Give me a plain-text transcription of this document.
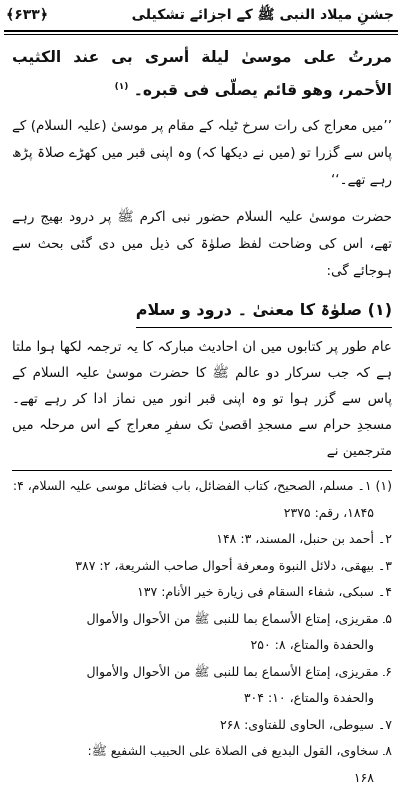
جشنِ میلاد النبی ﷺ کے اجزائے تشکیلی
﴿۶۳۳﴾

مررتُ على موسىٰ ليلة أسرى بى عند الكثيب الأحمر، وهو قائم يصلّى فى قبره۔ $^{(۱)}$

’’میں معراج کی رات سرخ ٹیلہ کے مقام پر موسیٰ (علیہ السلام) کے پاس سے گزرا تو (میں نے دیکھا کہ) وہ اپنی قبر میں کھڑے صلاۃ پڑھ رہے تھے۔‘‘

حضرت موسیٰ علیہ السلام حضور نبی اکرم ﷺ پر درود بھیج رہے تھے، اس کی وضاحت لفظ صلوٰۃ کی ذیل میں دی گئی بحث سے ہوجائے گی:

(۱) صلوٰۃ کا معنیٰ ۔ درود و سلام

عام طور پر کتابوں میں ان احادیث مبارکہ کا یہ ترجمہ لکھا ہوا ملتا ہے کہ جب سرکار دو عالم ﷺ کا حضرت موسیٰ علیہ السلام کے پاس سے گزر ہوا تو وہ اپنی قبر انور میں نماز ادا کر رہے تھے۔ مسجدِ حرام سے مسجدِ اقصیٰ تک سفرِ معراج کے اس مرحلہ میں مترجمین نے

(۱) ۱۔ مسلم، الصحیح، کتاب الفضائل، باب فضائل موسى علیہ السلام، ۴:
۱۸۴۵، رقم: ۲۳۷۵
۲۔ أحمد بن حنبل، المسند، ۳: ۱۴۸
۳۔ بیهقی، دلائل النبوة ومعرفة أحوال صاحب الشریعة، ۲: ۳۸۷
۴۔ سبکی، شفاء السقام فی زیارة خیر الأنام: ۱۳۷
۵۔ مقریزی، إمتاع الأسماع بما للنبی ﷺ من الأحوال والأموال
والحفدة والمتاع، ۸: ۲۵۰
۶۔ مقریزی، إمتاع الأسماع بما للنبی ﷺ من الأحوال والأموال
والحفدة والمتاع، ۱۰: ۳۰۴
۷۔ سیوطی، الحاوی للفتاوی: ۲۶۸
۸۔ سخاوی، القول البدیع فی الصلاة علی الحبیب الشفیع ﷺ:
۱۶۸
